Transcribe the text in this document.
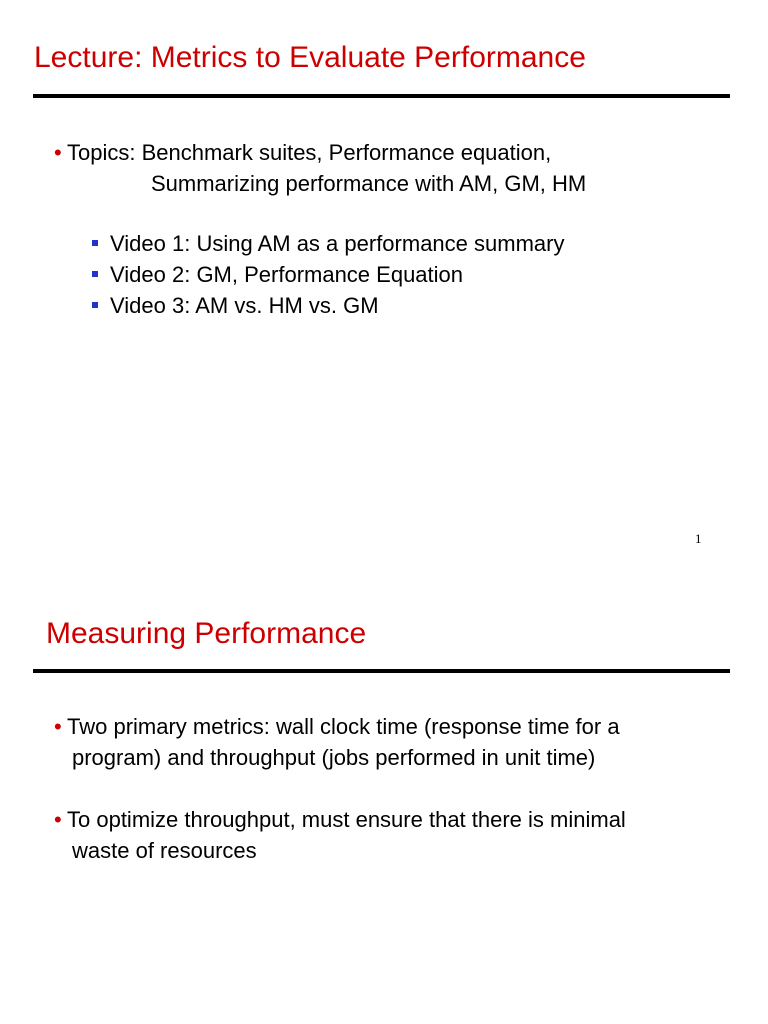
Lecture: Metrics to Evaluate Performance
• Topics: Benchmark suites, Performance equation,
Summarizing performance with AM, GM, HM
Video 1: Using AM as a performance summary
Video 2: GM, Performance Equation
Video 3: AM vs. HM vs. GM
1
Measuring Performance
• Two primary metrics: wall clock time (response time for a
program) and throughput (jobs performed in unit time)
• To optimize throughput, must ensure that there is minimal
waste of resources
